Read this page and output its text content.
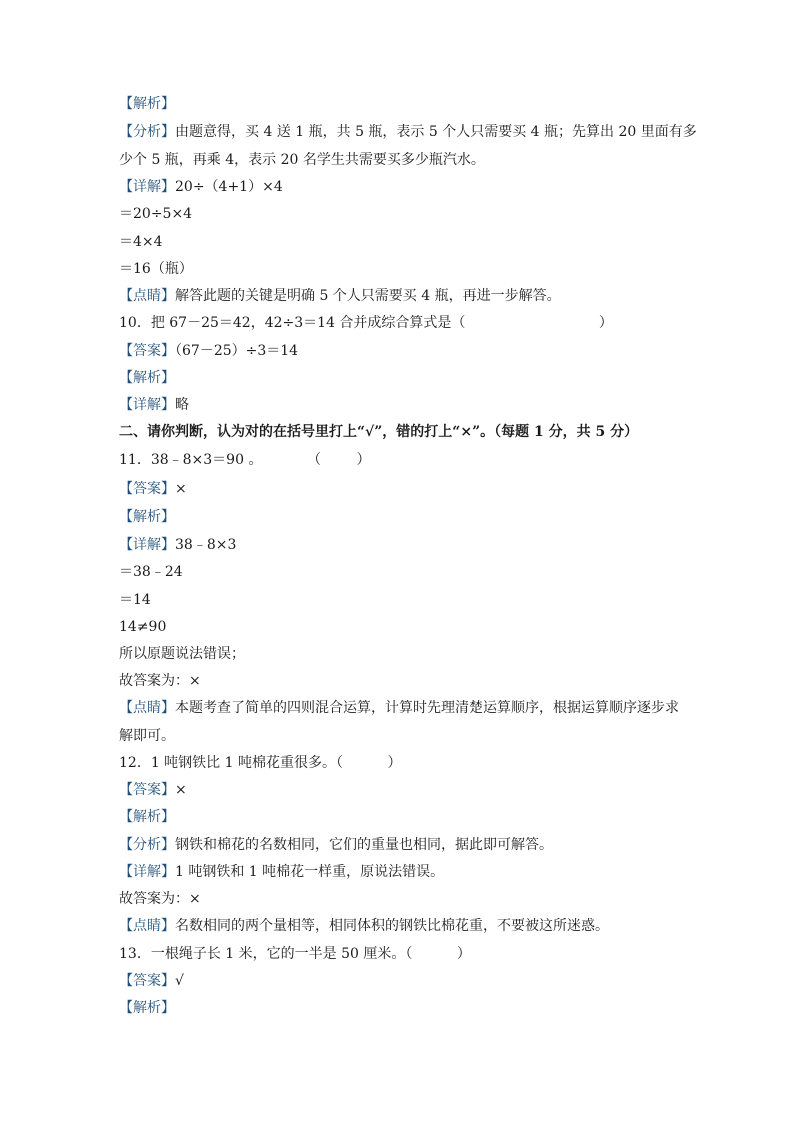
【解析】
【分析】由题意得，买 4 送 1 瓶，共 5 瓶，表示 5 个人只需要买 4 瓶；先算出 20 里面有多
少个 5 瓶，再乘 4，表示 20 名学生共需要买多少瓶汽水。
【详解】20÷（4+1）×4
＝20÷5×4
＝4×4
＝16（瓶）
【点睛】解答此题的关键是明确 5 个人只需要买 4 瓶，再进一步解答。
10．把 67－25＝42，42÷3＝14 合并成综合算式是（                              ）
【答案】（67－25）÷3＝14
【解析】
【详解】略
二、请你判断，认为对的在括号里打上“√”，错的打上“×”。（每题 1 分，共 5 分）
11．38﹣8×3＝90 。          （        ）
【答案】×
【解析】
【详解】38﹣8×3
＝38﹣24
＝14
14≠90
所以原题说法错误；
故答案为：×
【点睛】本题考查了简单的四则混合运算，计算时先理清楚运算顺序，根据运算顺序逐步求
解即可。
12．1 吨钢铁比 1 吨棉花重很多。（          ）
【答案】×
【解析】
【分析】钢铁和棉花的名数相同，它们的重量也相同，据此即可解答。
【详解】1 吨钢铁和 1 吨棉花一样重，原说法错误。
故答案为：×
【点睛】名数相同的两个量相等，相同体积的钢铁比棉花重，不要被这所迷惑。
13．一根绳子长 1 米，它的一半是 50 厘米。（          ）
【答案】√
【解析】
